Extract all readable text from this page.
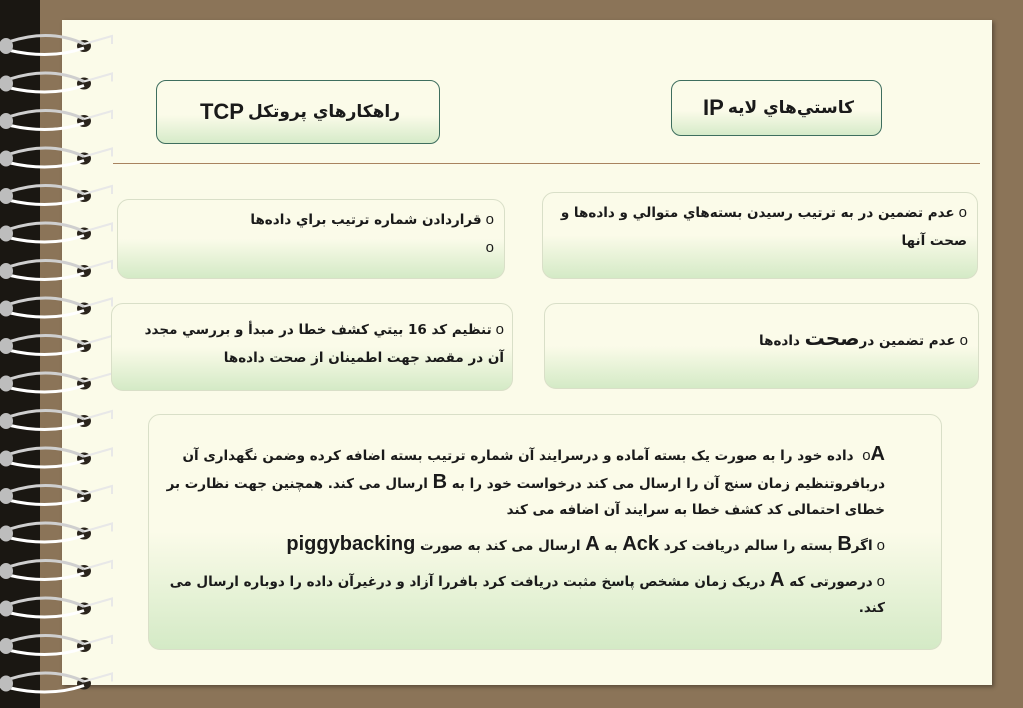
راهكارهاي پروتكل
TCP	كاستي‌هاي لايه
IP

oعدم تضمين در به ترتيب رسيدن بسته‌هاي متوالي و داده‌ها و صحت آنها

oعدم تضمين درصحت داده‌ها

oقراردادن شماره ترتيب براي داده‌ها

o

oتنظيم كد 16 بيتي كشف خطا در مبدأ و بررسي مجدد آن در مقصد جهت اطمينان از صحت داده‌ها

oA داده خود را به صورت یک بسته آماده و درسرایند آن شماره ترتیب بسته اضافه کرده وضمن نگهداری آن دربافروتنظیم زمان سنج آن را ارسال می کند درخواست خود را به B ارسال می کند. همچنین جهت نظارت بر خطای احتمالی کد کشف خطا به سرایند آن اضافه می کند

oاگرB بسته را سالم دریافت کرد Ack به A ارسال می کند به صورت piggybacking

oدرصورتی که A دریک زمان مشخص پاسخ مثبت دریافت کرد بافررا آزاد و درغیرآن داده را دوباره ارسال می کند.
